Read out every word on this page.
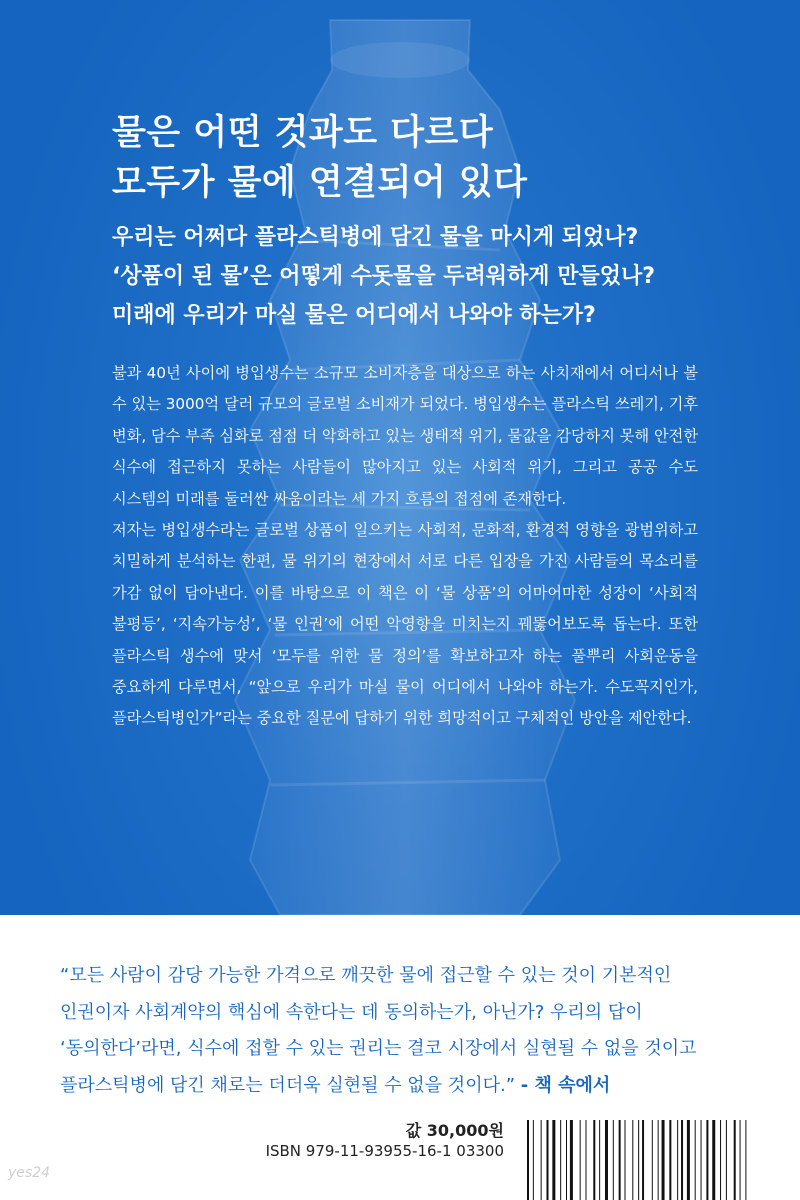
물은 어떤 것과도 다르다
모두가 물에 연결되어 있다
우리는 어쩌다 플라스틱병에 담긴 물을 마시게 되었나?
‘상품이 된 물’은 어떻게 수돗물을 두려워하게 만들었나?
미래에 우리가 마실 물은 어디에서 나와야 하는가?

불과 40년 사이에 병입생수는 소규모 소비자층을 대상으로 하는 사치재에서 어디서나 볼 수 있는 3000억 달러 규모의 글로벌 소비재가 되었다. 병입생수는 플라스틱 쓰레기, 기후 변화, 담수 부족 심화로 점점 더 악화하고 있는 생태적 위기, 물값을 감당하지 못해 안전한 식수에 접근하지 못하는 사람들이 많아지고 있는 사회적 위기, 그리고 공공 수도 시스템의 미래를 둘러싼 싸움이라는 세 가지 흐름의 접점에 존재한다.

저자는 병입생수라는 글로벌 상품이 일으키는 사회적, 문화적, 환경적 영향을 광범위하고 치밀하게 분석하는 한편, 물 위기의 현장에서 서로 다른 입장을 가진 사람들의 목소리를 가감 없이 담아낸다. 이를 바탕으로 이 책은 이 ‘물 상품’의 어마어마한 성장이 ‘사회적 불평등’, ‘지속가능성’, ‘물 인권’에 어떤 악영향을 미치는지 꿰뚫어보도록 돕는다. 또한 플라스틱 생수에 맞서 ‘모두를 위한 물 정의’를 확보하고자 하는 풀뿌리 사회운동을 중요하게 다루면서, “앞으로 우리가 마실 물이 어디에서 나와야 하는가. 수도꼭지인가, 플라스틱병인가”라는 중요한 질문에 답하기 위한 희망적이고 구체적인 방안을 제안한다.

“모든 사람이 감당 가능한 가격으로 깨끗한 물에 접근할 수 있는 것이 기본적인
인권이자 사회계약의 핵심에 속한다는 데 동의하는가, 아닌가? 우리의 답이
‘동의한다’라면, 식수에 접할 수 있는 권리는 결코 시장에서 실현될 수 없을 것이고
플라스틱병에 담긴 채로는 더더욱 실현될 수 없을 것이다.” - 책 속에서
값 30,000원
ISBN 979-11-93955-16-1 03300
yes24
